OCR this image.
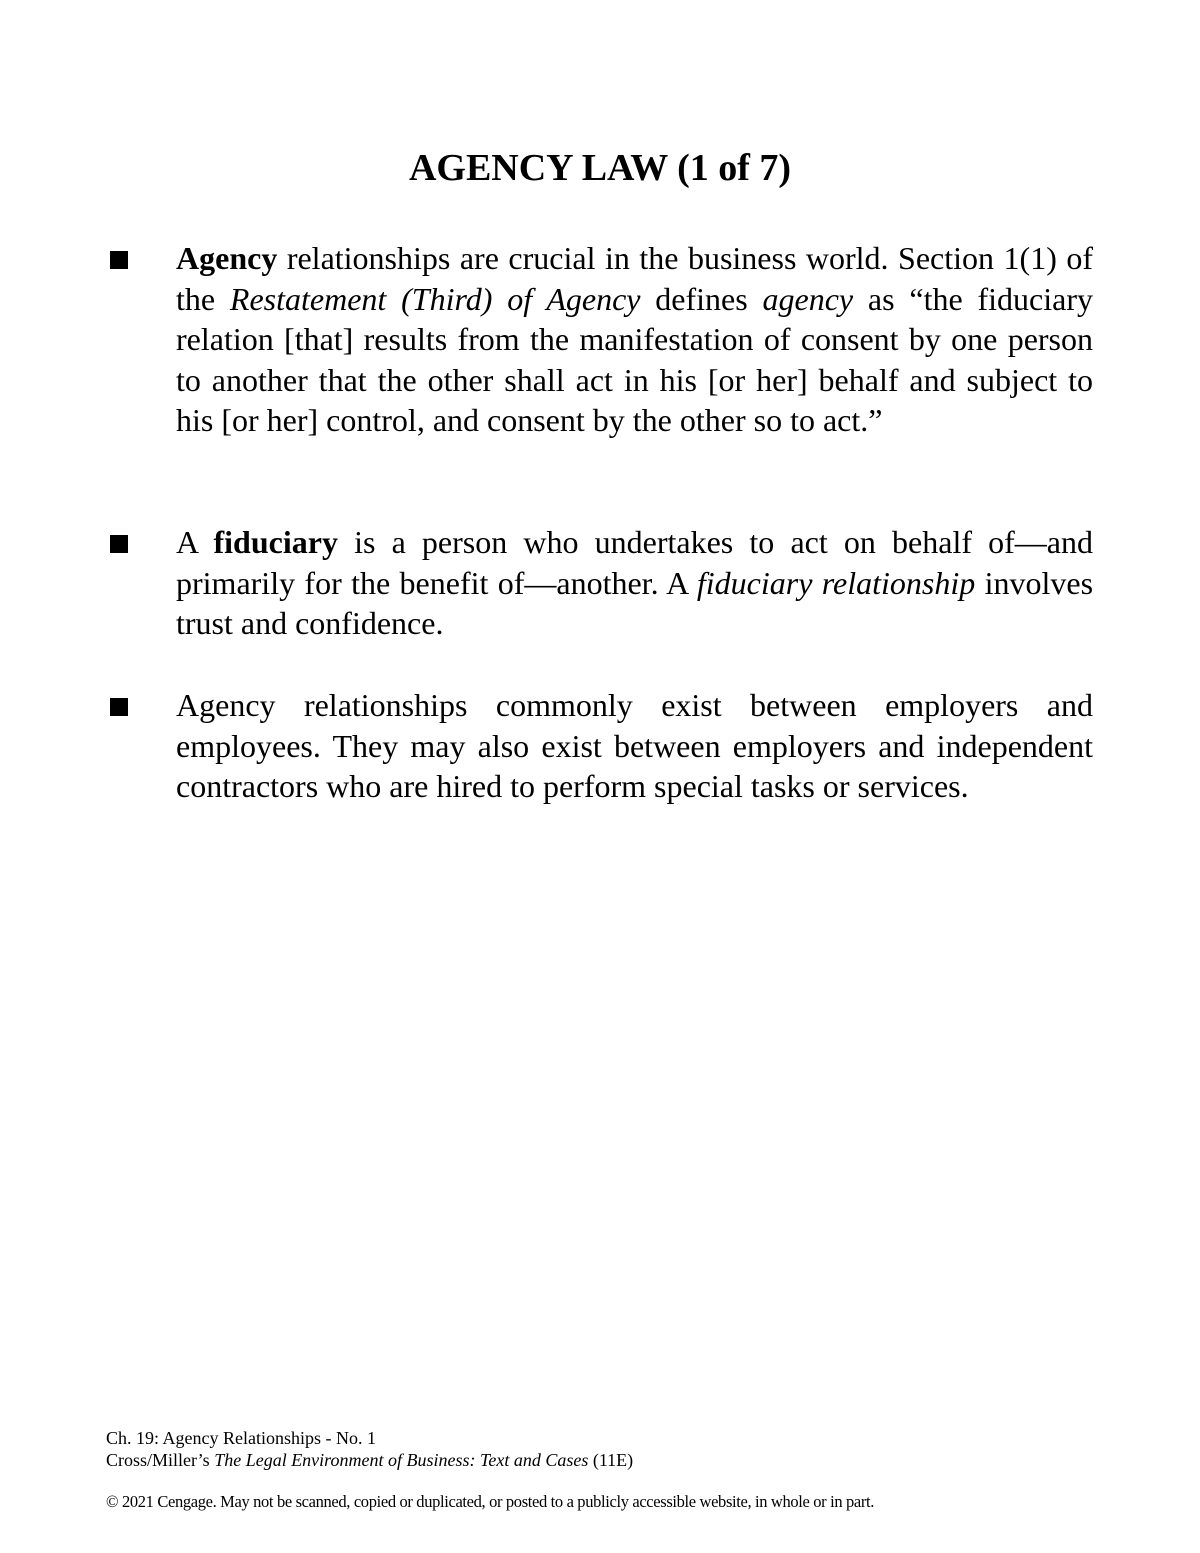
AGENCY LAW (1 of 7)

Agency relationships are crucial in the business world. Section 1(1) of the Restatement (Third) of Agency defines agency as “the fiduciary relation [that] results from the manifestation of consent by one person to another that the other shall act in his [or her] behalf and subject to his [or her] control, and consent by the other so to act.”

A fiduciary is a person who undertakes to act on behalf of—and primarily for the benefit of—another. A fiduciary relationship involves trust and confidence.

Agency relationships commonly exist between employers and employees. They may also exist between employers and independent contractors who are hired to perform special tasks or services.

Ch. 19: Agency Relationships - No. 1
Cross/Miller’s The Legal Environment of Business: Text and Cases (11E)
© 2021 Cengage. May not be scanned, copied or duplicated, or posted to a publicly accessible website, in whole or in part.
